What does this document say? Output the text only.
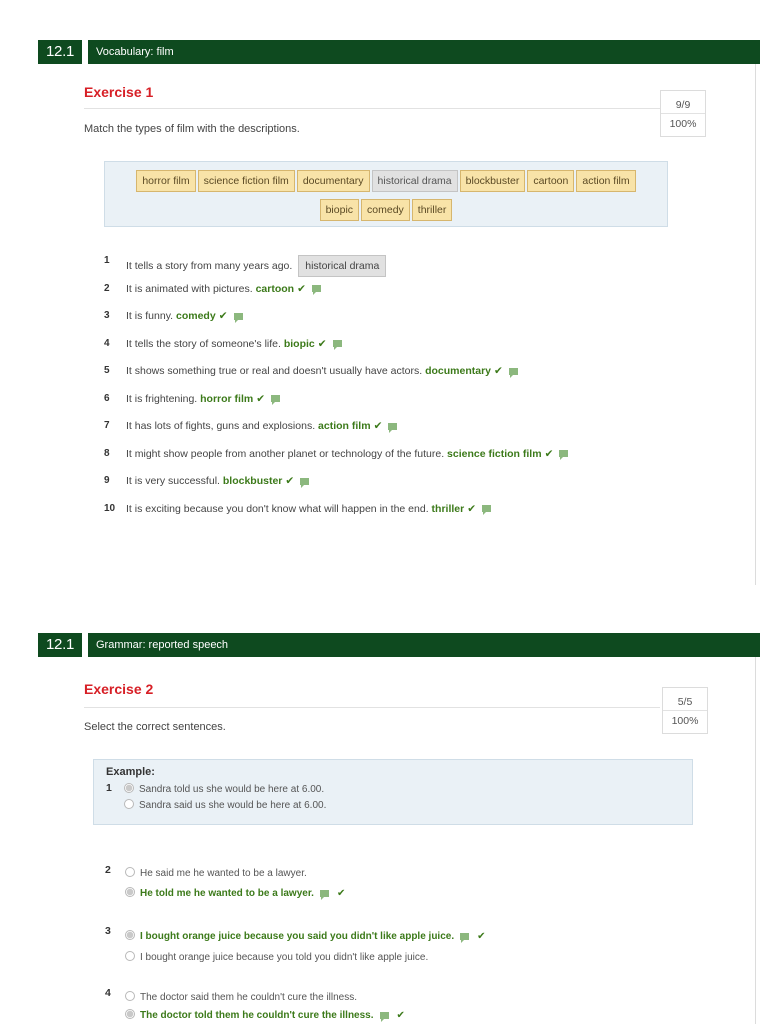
12.1	Vocabulary: film
Exercise 1
Match the types of film with the descriptions.
9/9
100%
horror film science fiction film documentary historical drama blockbuster cartoon action film
biopic comedy thriller
1	It tells a story from many years ago. historical drama
2	It is animated with pictures. cartoon ✔
3	It is funny. comedy ✔
4	It tells the story of someone's life. biopic ✔
5	It shows something true or real and doesn't usually have actors. documentary ✔
6	It is frightening. horror film ✔
7	It has lots of fights, guns and explosions. action film ✔
8	It might show people from another planet or technology of the future. science fiction film ✔
9	It is very successful. blockbuster ✔
10 It is exciting because you don't know what will happen in the end. thriller ✔
12.1	Grammar: reported speech
Exercise 2
Select the correct sentences.
5/5
100%
Example:
1	Sandra told us she would be here at 6.00.
Sandra said us she would be here at 6.00.
2	He said me he wanted to be a lawyer.
He told me he wanted to be a lawyer. ✔
3	I bought orange juice because you said you didn't like apple juice. ✔
I bought orange juice because you told you didn't like apple juice.
4	The doctor said them he couldn't cure the illness.
The doctor told them he couldn't cure the illness. ✔
